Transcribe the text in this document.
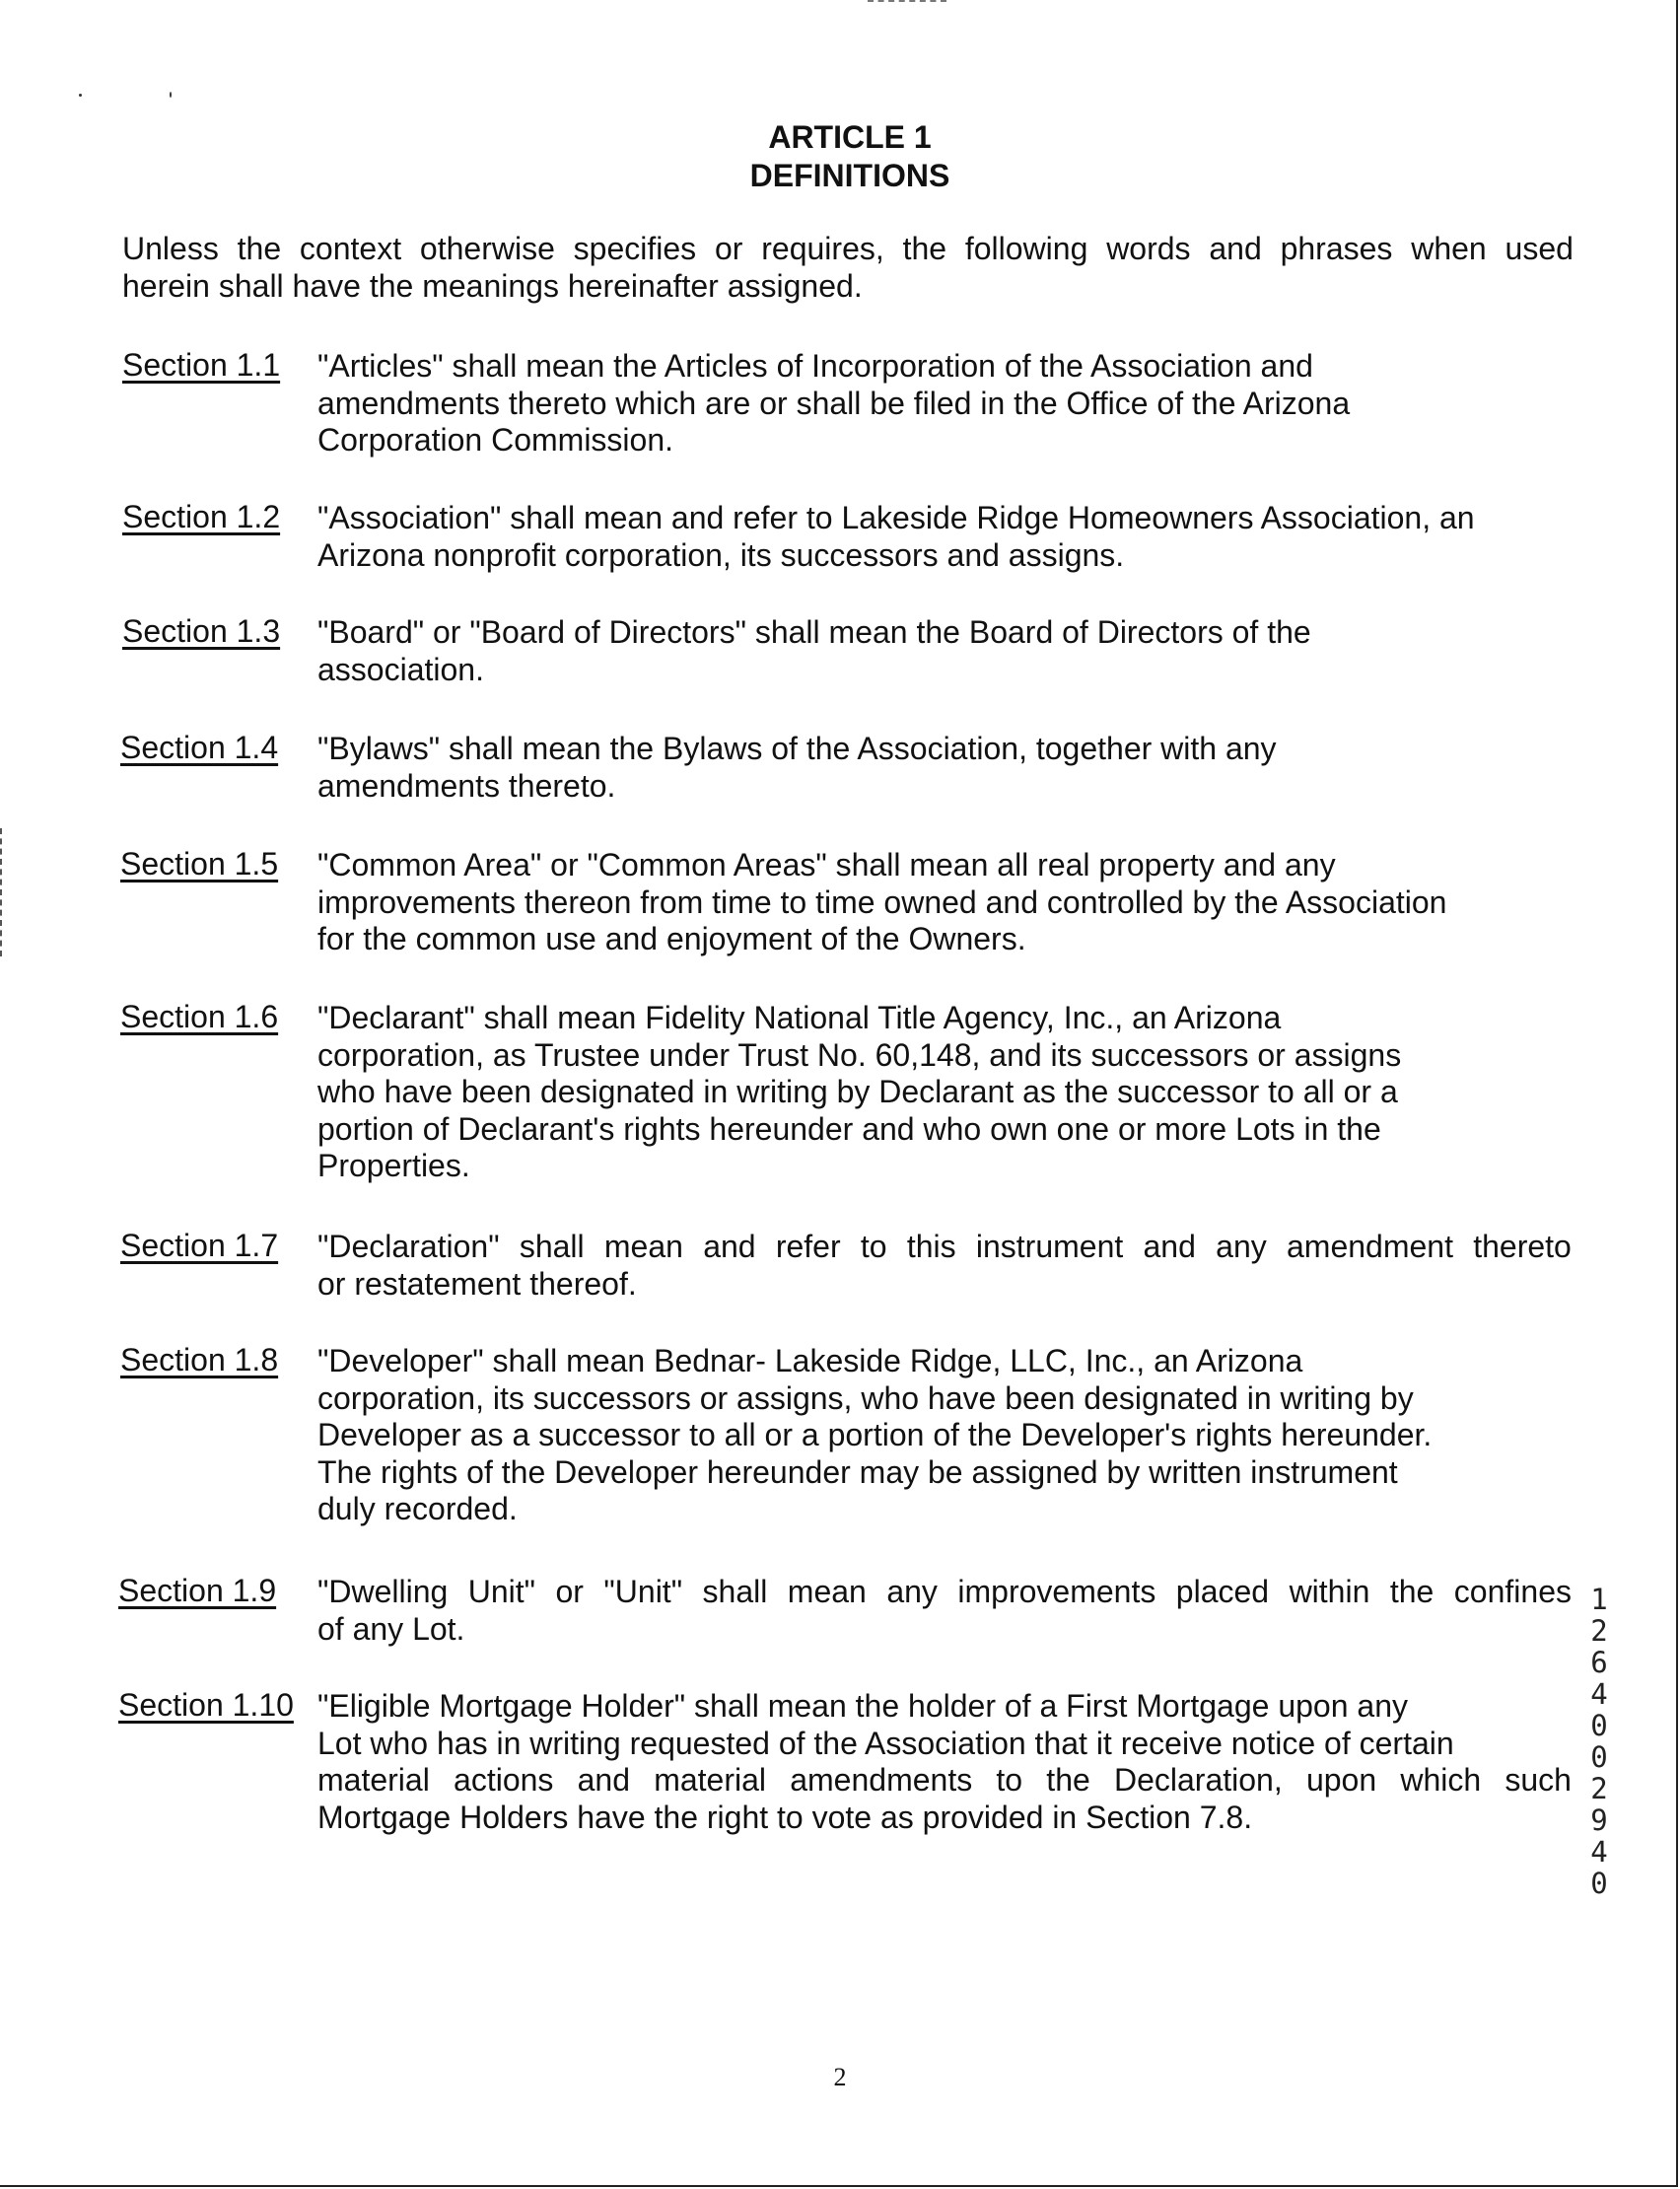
ARTICLE 1
DEFINITIONS
Unless the context otherwise specifies or requires, the following words and phrases when used
herein shall have the meanings hereinafter assigned.
Section 1.1 "Articles" shall mean the Articles of Incorporation of the Association and
amendments thereto which are or shall be filed in the Office of the Arizona
Corporation Commission.
Section 1.2 "Association" shall mean and refer to Lakeside Ridge Homeowners Association, an
Arizona nonprofit corporation, its successors and assigns.
Section 1.3 "Board" or "Board of Directors" shall mean the Board of Directors of the
association.
Section 1.4 "Bylaws" shall mean the Bylaws of the Association, together with any
amendments thereto.
Section 1.5 "Common Area" or "Common Areas" shall mean all real property and any
improvements thereon from time to time owned and controlled by the Association
for the common use and enjoyment of the Owners.
Section 1.6 "Declarant" shall mean Fidelity National Title Agency, Inc., an Arizona
corporation, as Trustee under Trust No. 60,148, and its successors or assigns
who have been designated in writing by Declarant as the successor to all or a
portion of Declarant's rights hereunder and who own one or more Lots in the
Properties.
Section 1.7 "Declaration" shall mean and refer to this instrument and any amendment thereto
or restatement thereof.
Section 1.8 "Developer" shall mean Bednar- Lakeside Ridge, LLC, Inc., an Arizona
corporation, its successors or assigns, who have been designated in writing by
Developer as a successor to all or a portion of the Developer's rights hereunder.
The rights of the Developer hereunder may be assigned by written instrument
duly recorded.
Section 1.9 "Dwelling Unit" or "Unit" shall mean any improvements placed within the confines
of any Lot.
Section 1.10 "Eligible Mortgage Holder" shall mean the holder of a First Mortgage upon any
Lot who has in writing requested of the Association that it receive notice of certain
material actions and material amendments to the Declaration, upon which such
Mortgage Holders have the right to vote as provided in Section 7.8.
12640 02940
2
